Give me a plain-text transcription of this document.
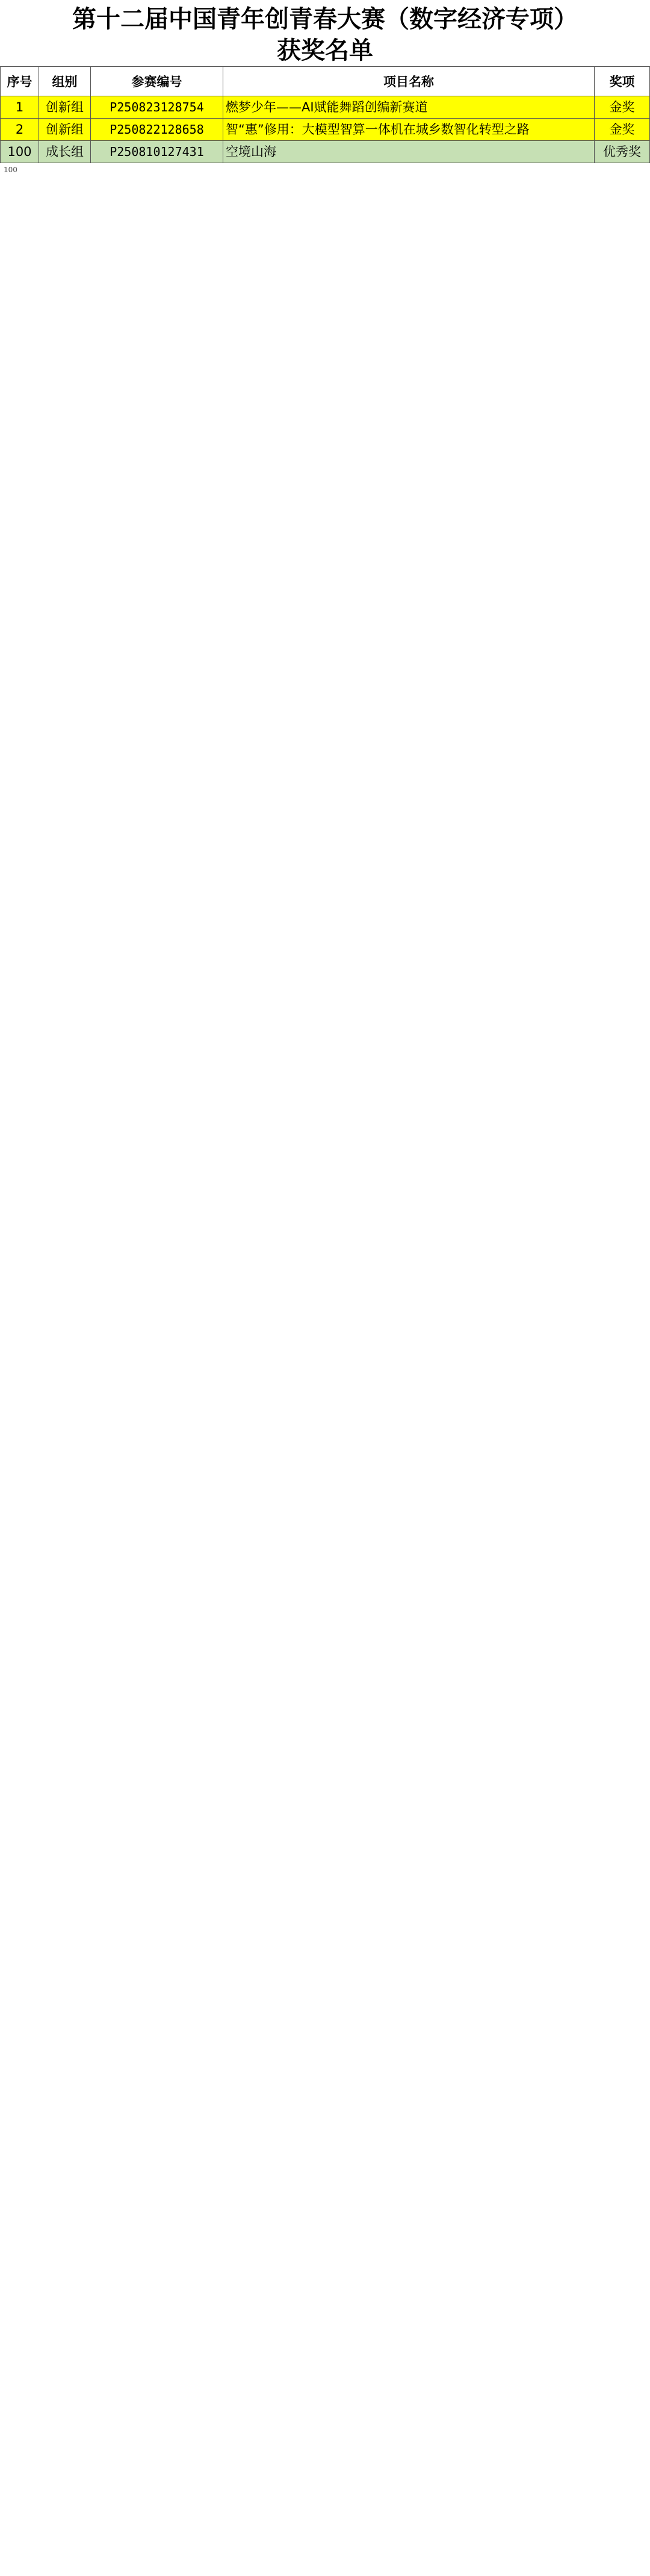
第十二届中国青年创青春大赛（数字经济专项）
获奖名单
序号	组别	参赛编号	项目名称	奖项
1	创新组	P250823128754	燃梦少年——AI赋能舞蹈创编新赛道	金奖
2	创新组	P250822128658	智“惠”修用：大模型智算一体机在城乡数智化转型之路	金奖
100	成长组	P250810127431	空境山海	优秀奖
100
